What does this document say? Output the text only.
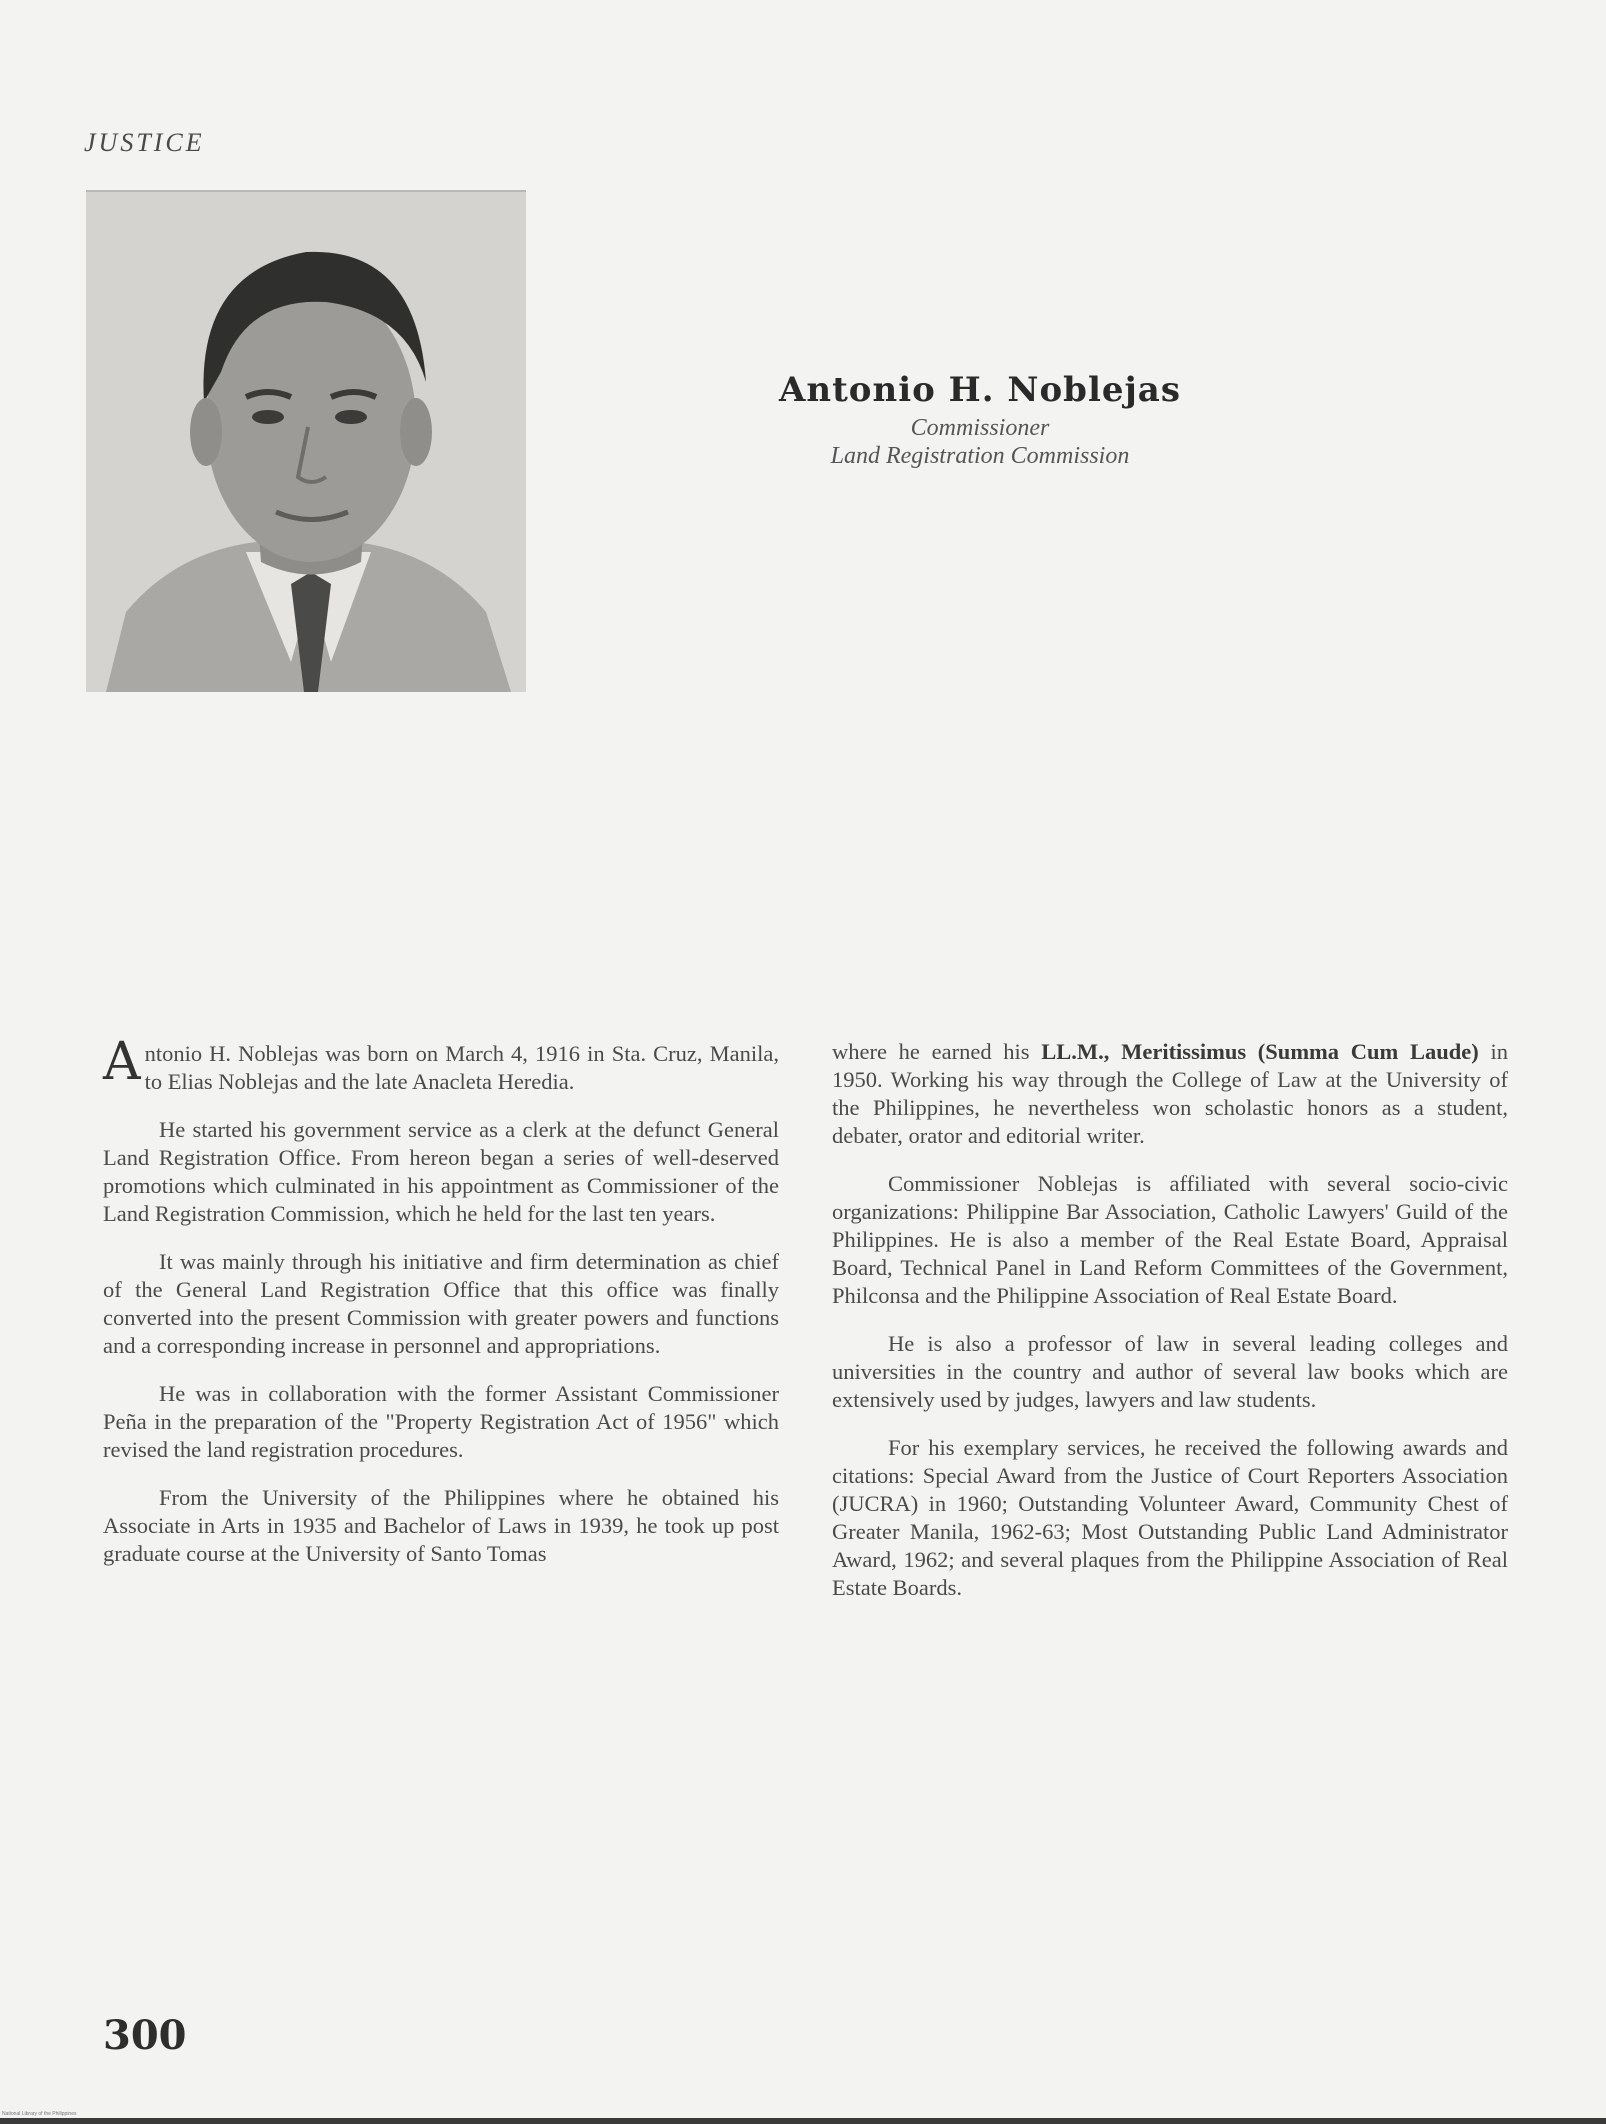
JUSTICE
Antonio H. Noblejas
Commissioner
Land Registration Commission

Antonio H. Noblejas was born on March 4, 1916 in Sta. Cruz, Manila, to Elias Noblejas and the late Anacleta Heredia.

He started his government service as a clerk at the defunct General Land Registration Office. From hereon began a series of well-deserved promotions which culminated in his appointment as Commissioner of the Land Registration Commission, which he held for the last ten years.

It was mainly through his initiative and firm determination as chief of the General Land Registration Office that this office was finally converted into the present Commission with greater powers and functions and a corresponding increase in personnel and appropriations.

He was in collaboration with the former Assistant Commissioner Peña in the preparation of the "Property Registration Act of 1956" which revised the land registration procedures.

From the University of the Philippines where he obtained his Associate in Arts in 1935 and Bachelor of Laws in 1939, he took up post graduate course at the University of Santo Tomas

where he earned his LL.M., Meritissimus (Summa Cum Laude) in 1950. Working his way through the College of Law at the University of the Philippines, he nevertheless won scholastic honors as a student, debater, orator and editorial writer.

Commissioner Noblejas is affiliated with several socio-civic organizations: Philippine Bar Association, Catholic Lawyers' Guild of the Philippines. He is also a member of the Real Estate Board, Appraisal Board, Technical Panel in Land Reform Committees of the Government, Philconsa and the Philippine Association of Real Estate Board.

He is also a professor of law in several leading colleges and universities in the country and author of several law books which are extensively used by judges, lawyers and law students.

For his exemplary services, he received the following awards and citations: Special Award from the Justice of Court Reporters Association (JUCRA) in 1960; Outstanding Volunteer Award, Community Chest of Greater Manila, 1962-63; Most Outstanding Public Land Administrator Award, 1962; and several plaques from the Philippine Association of Real Estate Boards.

300
National Library of the Philippines
